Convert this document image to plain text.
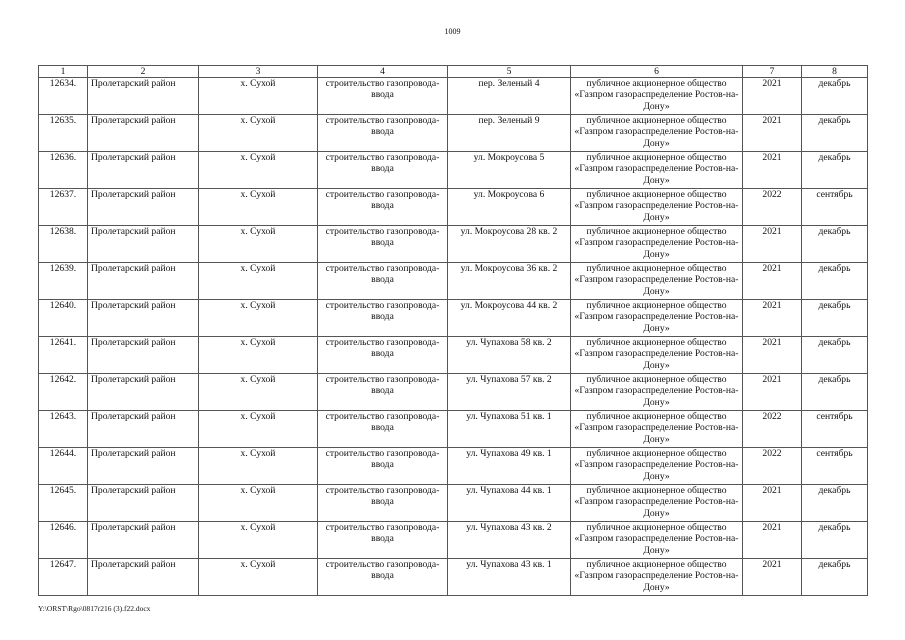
1009
1	2	3	4	5	6	7	8
12634.	Пролетарский район	х. Сухой	строительство газопровода-ввода	пер. Зеленый 4	публичное акционерное общество «Газпром газораспределение Ростов-на-Дону»	2021	декабрь
12635.	Пролетарский район	х. Сухой	строительство газопровода-ввода	пер. Зеленый 9	публичное акционерное общество «Газпром газораспределение Ростов-на-Дону»	2021	декабрь
12636.	Пролетарский район	х. Сухой	строительство газопровода-ввода	ул. Мокроусова 5	публичное акционерное общество «Газпром газораспределение Ростов-на-Дону»	2021	декабрь
12637.	Пролетарский район	х. Сухой	строительство газопровода-ввода	ул. Мокроусова 6	публичное акционерное общество «Газпром газораспределение Ростов-на-Дону»	2022	сентябрь
12638.	Пролетарский район	х. Сухой	строительство газопровода-ввода	ул. Мокроусова 28 кв. 2	публичное акционерное общество «Газпром газораспределение Ростов-на-Дону»	2021	декабрь
12639.	Пролетарский район	х. Сухой	строительство газопровода-ввода	ул. Мокроусова 36 кв. 2	публичное акционерное общество «Газпром газораспределение Ростов-на-Дону»	2021	декабрь
12640.	Пролетарский район	х. Сухой	строительство газопровода-ввода	ул. Мокроусова 44 кв. 2	публичное акционерное общество «Газпром газораспределение Ростов-на-Дону»	2021	декабрь
12641.	Пролетарский район	х. Сухой	строительство газопровода-ввода	ул. Чупахова 58 кв. 2	публичное акционерное общество «Газпром газораспределение Ростов-на-Дону»	2021	декабрь
12642.	Пролетарский район	х. Сухой	строительство газопровода-ввода	ул. Чупахова 57 кв. 2	публичное акционерное общество «Газпром газораспределение Ростов-на-Дону»	2021	декабрь
12643.	Пролетарский район	х. Сухой	строительство газопровода-ввода	ул. Чупахова 51 кв. 1	публичное акционерное общество «Газпром газораспределение Ростов-на-Дону»	2022	сентябрь
12644.	Пролетарский район	х. Сухой	строительство газопровода-ввода	ул. Чупахова 49 кв. 1	публичное акционерное общество «Газпром газораспределение Ростов-на-Дону»	2022	сентябрь
12645.	Пролетарский район	х. Сухой	строительство газопровода-ввода	ул. Чупахова 44 кв. 1	публичное акционерное общество «Газпром газораспределение Ростов-на-Дону»	2021	декабрь
12646.	Пролетарский район	х. Сухой	строительство газопровода-ввода	ул. Чупахова 43 кв. 2	публичное акционерное общество «Газпром газораспределение Ростов-на-Дону»	2021	декабрь
12647.	Пролетарский район	х. Сухой	строительство газопровода-ввода	ул. Чупахова 43 кв. 1	публичное акционерное общество «Газпром газораспределение Ростов-на-Дону»	2021	декабрь
Y:\ORST\Rgo\0817r216 (3).f22.docx
